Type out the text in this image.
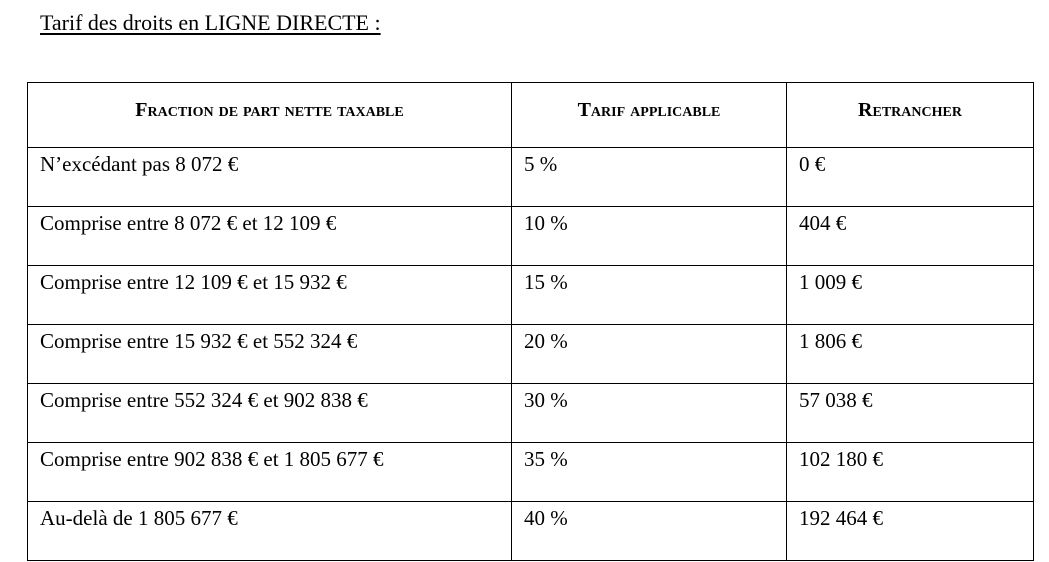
Tarif des droits en LIGNE DIRECTE :
Fraction de part nette taxable	Tarif applicable	Retrancher
N’excédant pas 8 072 €	5 %	0 €
Comprise entre 8 072 € et 12 109 €	10 %	404 €
Comprise entre 12 109 € et 15 932 €	15 %	1 009 €
Comprise entre 15 932 € et 552 324 €	20 %	1 806 €
Comprise entre 552 324 € et 902 838 €	30 %	57 038 €
Comprise entre 902 838 € et 1 805 677 €	35 %	102 180 €
Au-delà de 1 805 677 €	40 %	192 464 €
